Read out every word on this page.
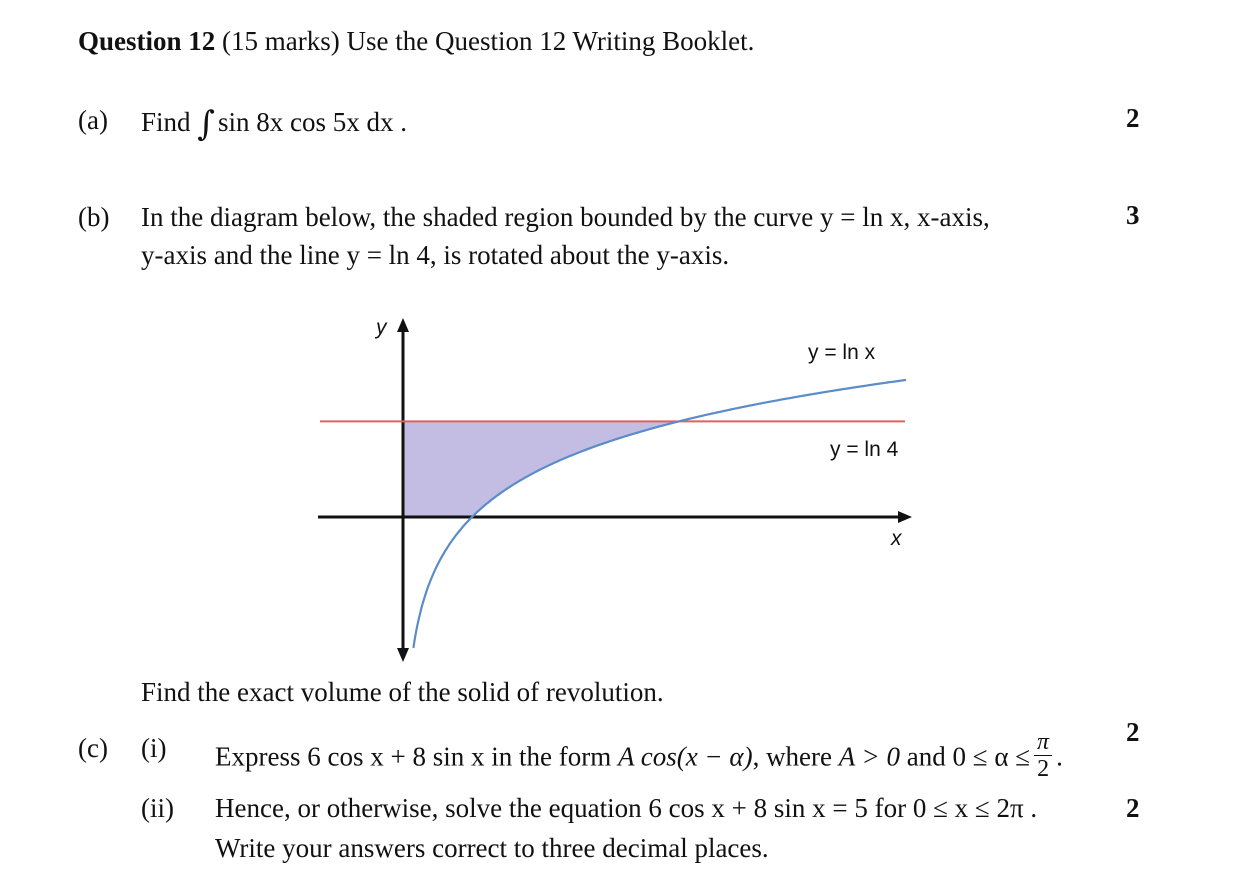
Question 12 (15 marks) Use the Question 12 Writing Booklet.
(a) Find ∫ sin 8x cos 5x dx .	2
(b) In the diagram below, the shaded region bounded by the curve y = ln x, x-axis,
y-axis and the line y = ln 4, is rotated about the y-axis.
3
y
x
y = ln x
y = ln 4
Find the exact volume of the solid of revolution.
(c) (i) Express 6 cos x + 8 sin x in the form A cos(x − α), where A > 0 and $0 \le \alpha \le \frac{\pi}{2}$ .
2
(ii) Hence, or otherwise, solve the equation 6 cos x + 8 sin x = 5 for 0 ≤ x ≤ 2π .
Write your answers correct to three decimal places.
2
